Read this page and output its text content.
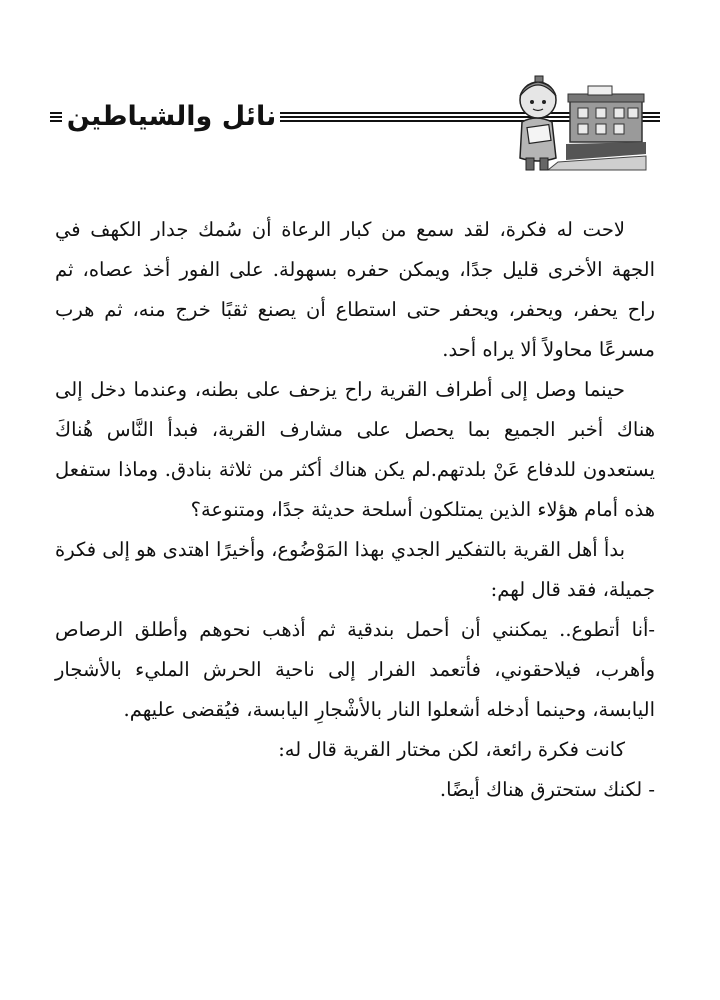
نائل والشياطين

لاحت له فكرة، لقد سمع من كبار الرعاة أن سُمك جدار الكهف في الجهة الأخرى قليل جدًا، ويمكن حفره بسهولة. على الفور أخذ عصاه، ثم راح يحفر، ويحفر، ويحفر حتى استطاع أن يصنع ثقبًا خرج منه، ثم هرب مسرعًا محاولاً ألا يراه أحد.

حينما وصل إلى أطراف القرية راح يزحف على بطنه، وعندما دخل إلى هناك أخبر الجميع بما يحصل على مشارف القرية، فبدأ النَّاس هُناكَ يستعدون للدفاع عَنْ بلدتهم.لم يكن هناك أكثر من ثلاثة بنادق. وماذا ستفعل هذه أمام هؤلاء الذين يمتلكون أسلحة حديثة جدًا، ومتنوعة؟

بدأ أهل القرية بالتفكير الجدي بهذا المَوْضُوع، وأخيرًا اهتدى هو إلى فكرة جميلة، فقد قال لهم:

-أنا أتطوع.. يمكنني أن أحمل بندقية ثم أذهب نحوهم وأطلق الرصاص وأهرب، فيلاحقوني، فأتعمد الفرار إلى ناحية الحرش المليء بالأشجار اليابسة، وحينما أدخله أشعلوا النار بالأشْجارِ اليابسة، فيُقضى عليهم.

كانت فكرة رائعة، لكن مختار القرية قال له:

- لكنك ستحترق هناك أيضًا.
